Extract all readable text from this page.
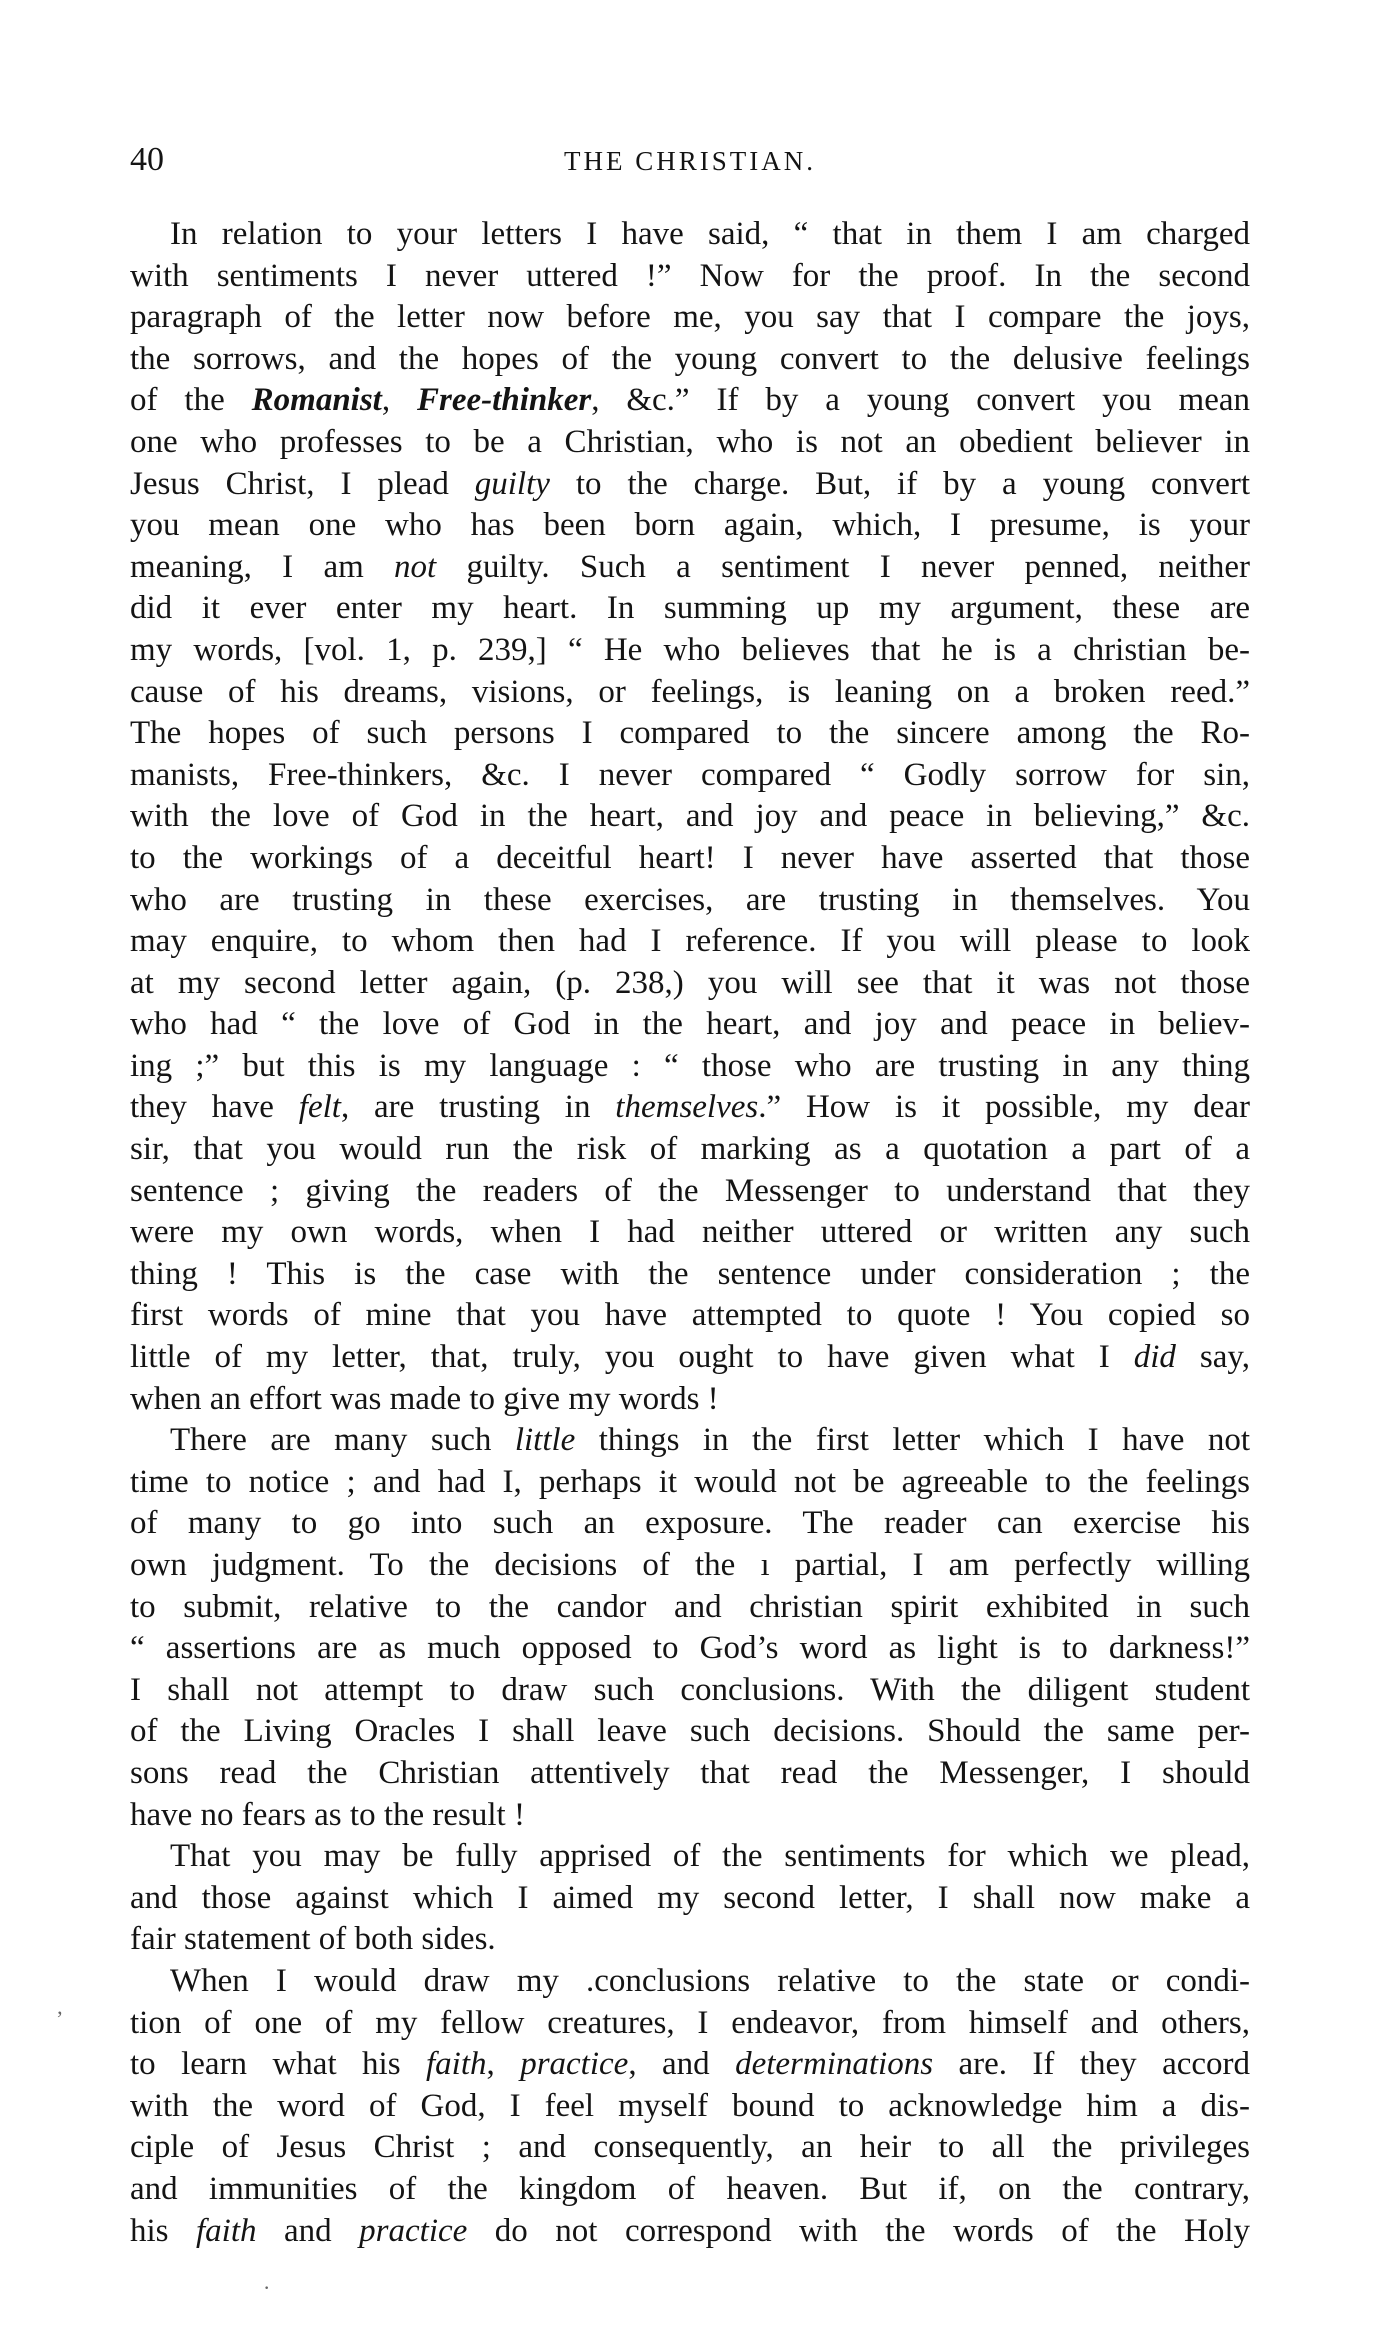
40	THE CHRISTIAN.
In relation to your letters I have said, “ that in them I am charged
with sentiments I never uttered !” Now for the proof. In the second
paragraph of the letter now before me, you say that I compare the joys,
the sorrows, and the hopes of the young convert to the delusive feelings
of the Romanist, Free-thinker, &c.” If by a young convert you mean
one who professes to be a Christian, who is not an obedient believer in
Jesus Christ, I plead guilty to the charge. But, if by a young convert
you mean one who has been born again, which, I presume, is your
meaning, I am not guilty. Such a sentiment I never penned, neither
did it ever enter my heart. In summing up my argument, these are
my words, [vol. 1, p. 239,] “ He who believes that he is a christian be-
cause of his dreams, visions, or feelings, is leaning on a broken reed.”
The hopes of such persons I compared to the sincere among the Ro-
manists, Free-thinkers, &c. I never compared “ Godly sorrow for sin,
with the love of God in the heart, and joy and peace in believing,” &c.
to the workings of a deceitful heart! I never have asserted that those
who are trusting in these exercises, are trusting in themselves. You
may enquire, to whom then had I reference. If you will please to look
at my second letter again, (p. 238,) you will see that it was not those
who had “ the love of God in the heart, and joy and peace in believ-
ing ;” but this is my language : “ those who are trusting in any thing
they have felt, are trusting in themselves.” How is it possible, my dear
sir, that you would run the risk of marking as a quotation a part of a
sentence ; giving the readers of the Messenger to understand that they
were my own words, when I had neither uttered or written any such
thing ! This is the case with the sentence under consideration ; the
first words of mine that you have attempted to quote ! You copied so
little of my letter, that, truly, you ought to have given what I did say,
when an effort was made to give my words !
There are many such little things in the first letter which I have not
time to notice ; and had I, perhaps it would not be agreeable to the feelings
of many to go into such an exposure. The reader can exercise his
own judgment. To the decisions of the ı partial, I am perfectly willing
to submit, relative to the candor and christian spirit exhibited in such
“ assertions are as much opposed to God’s word as light is to darkness!”
I shall not attempt to draw such conclusions. With the diligent student
of the Living Oracles I shall leave such decisions. Should the same per-
sons read the Christian attentively that read the Messenger, I should
have no fears as to the result !
That you may be fully apprised of the sentiments for which we plead,
and those against which I aimed my second letter, I shall now make a
fair statement of both sides.
When I would draw my .conclusions relative to the state or condi-
tion of one of my fellow creatures, I endeavor, from himself and others,
to learn what his faith, practice, and determinations are. If they accord
with the word of God, I feel myself bound to acknowledge him a dis-
ciple of Jesus Christ ; and consequently, an heir to all the privileges
and immunities of the kingdom of heaven. But if, on the contrary,
his faith and practice do not correspond with the words of the Holy
’
·
